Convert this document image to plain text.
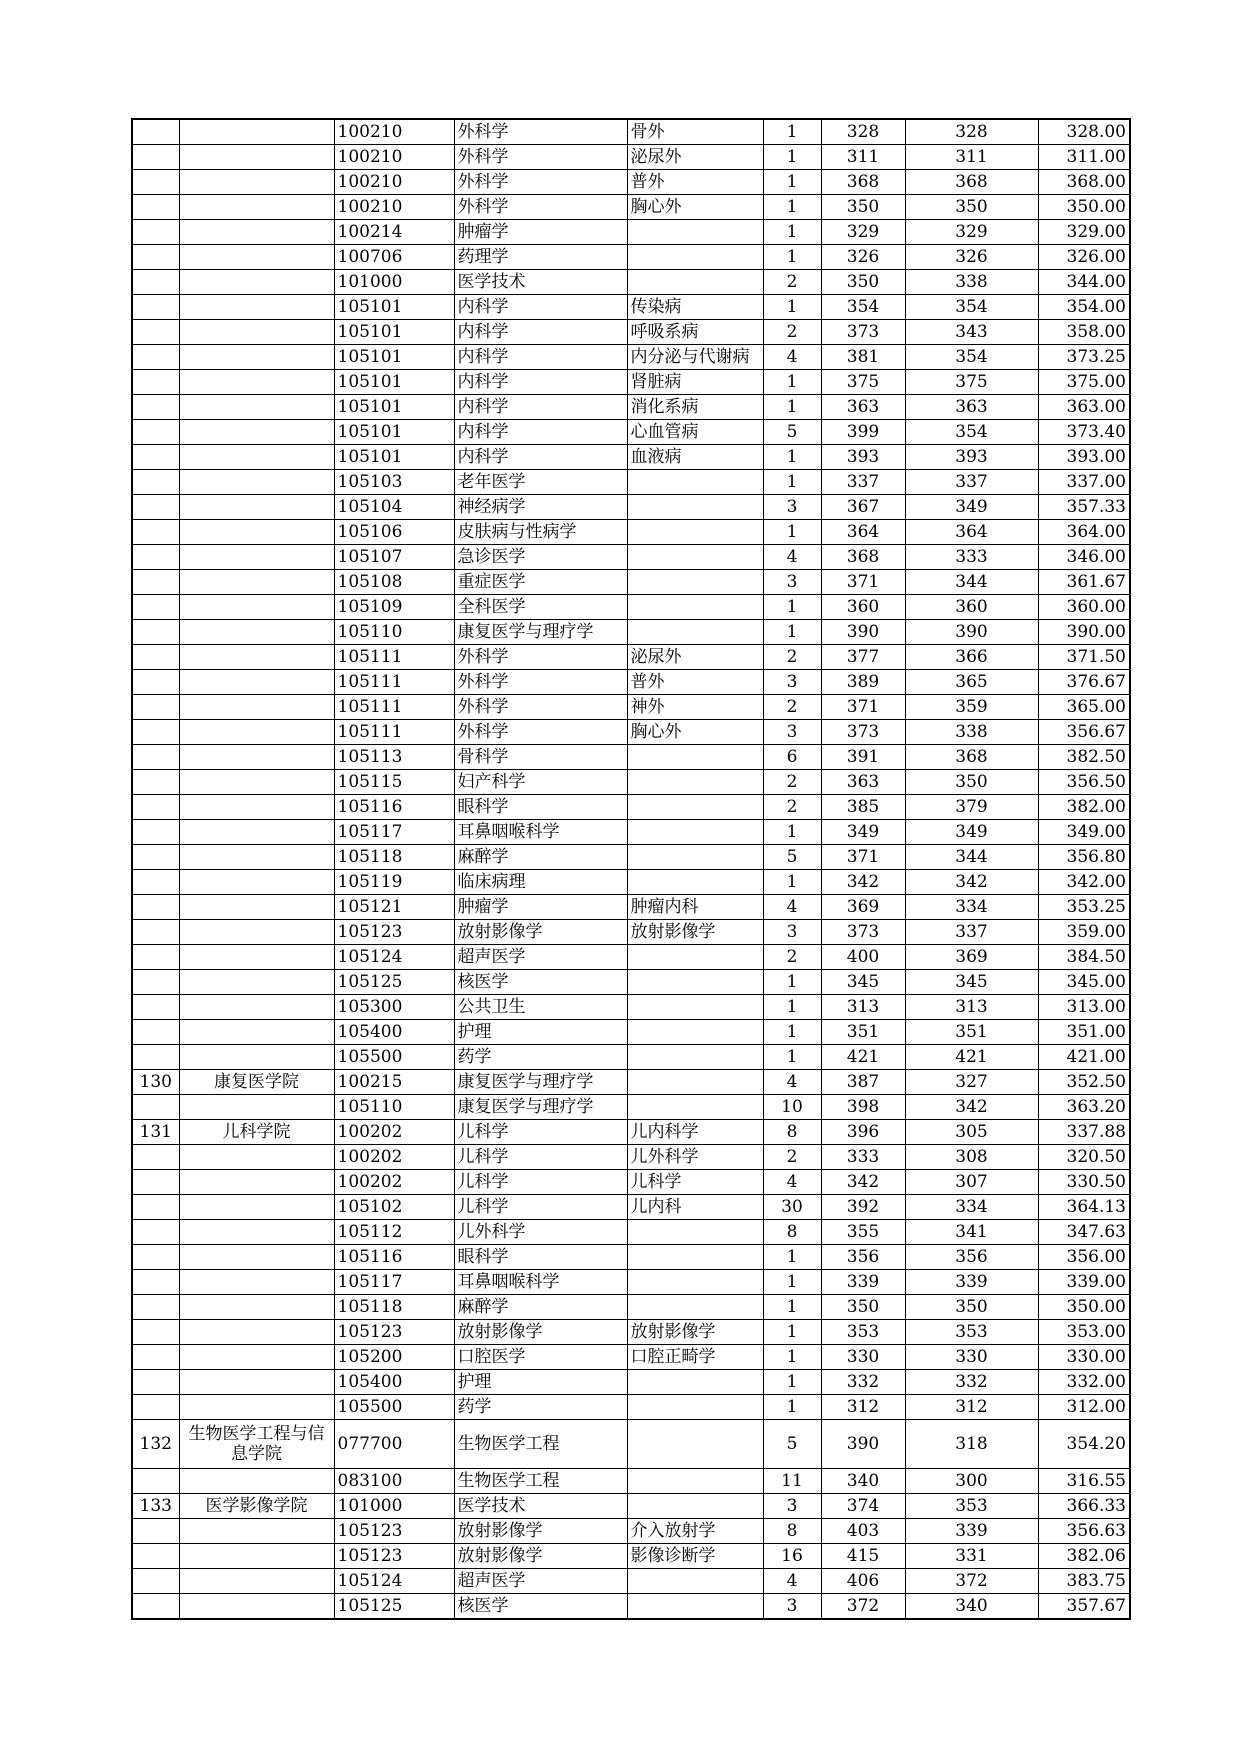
		100210	外科学	骨外	1	328	328	328.00
		100210	外科学	泌尿外	1	311	311	311.00
		100210	外科学	普外	1	368	368	368.00
		100210	外科学	胸心外	1	350	350	350.00
		100214	肿瘤学		1	329	329	329.00
		100706	药理学		1	326	326	326.00
		101000	医学技术		2	350	338	344.00
		105101	内科学	传染病	1	354	354	354.00
		105101	内科学	呼吸系病	2	373	343	358.00
		105101	内科学	内分泌与代谢病	4	381	354	373.25
		105101	内科学	肾脏病	1	375	375	375.00
		105101	内科学	消化系病	1	363	363	363.00
		105101	内科学	心血管病	5	399	354	373.40
		105101	内科学	血液病	1	393	393	393.00
		105103	老年医学		1	337	337	337.00
		105104	神经病学		3	367	349	357.33
		105106	皮肤病与性病学		1	364	364	364.00
		105107	急诊医学		4	368	333	346.00
		105108	重症医学		3	371	344	361.67
		105109	全科医学		1	360	360	360.00
		105110	康复医学与理疗学		1	390	390	390.00
		105111	外科学	泌尿外	2	377	366	371.50
		105111	外科学	普外	3	389	365	376.67
		105111	外科学	神外	2	371	359	365.00
		105111	外科学	胸心外	3	373	338	356.67
		105113	骨科学		6	391	368	382.50
		105115	妇产科学		2	363	350	356.50
		105116	眼科学		2	385	379	382.00
		105117	耳鼻咽喉科学		1	349	349	349.00
		105118	麻醉学		5	371	344	356.80
		105119	临床病理		1	342	342	342.00
		105121	肿瘤学	肿瘤内科	4	369	334	353.25
		105123	放射影像学	放射影像学	3	373	337	359.00
		105124	超声医学		2	400	369	384.50
		105125	核医学		1	345	345	345.00
		105300	公共卫生		1	313	313	313.00
		105400	护理		1	351	351	351.00
		105500	药学		1	421	421	421.00
130	康复医学院	100215	康复医学与理疗学		4	387	327	352.50
		105110	康复医学与理疗学		10	398	342	363.20
131	儿科学院	100202	儿科学	儿内科学	8	396	305	337.88
		100202	儿科学	儿外科学	2	333	308	320.50
		100202	儿科学	儿科学	4	342	307	330.50
		105102	儿科学	儿内科	30	392	334	364.13
		105112	儿外科学		8	355	341	347.63
		105116	眼科学		1	356	356	356.00
		105117	耳鼻咽喉科学		1	339	339	339.00
		105118	麻醉学		1	350	350	350.00
		105123	放射影像学	放射影像学	1	353	353	353.00
		105200	口腔医学	口腔正畸学	1	330	330	330.00
		105400	护理		1	332	332	332.00
		105500	药学		1	312	312	312.00
132	生物医学工程与信息学院	077700	生物医学工程		5	390	318	354.20
		083100	生物医学工程		11	340	300	316.55
133	医学影像学院	101000	医学技术		3	374	353	366.33
		105123	放射影像学	介入放射学	8	403	339	356.63
		105123	放射影像学	影像诊断学	16	415	331	382.06
		105124	超声医学		4	406	372	383.75
		105125	核医学		3	372	340	357.67
